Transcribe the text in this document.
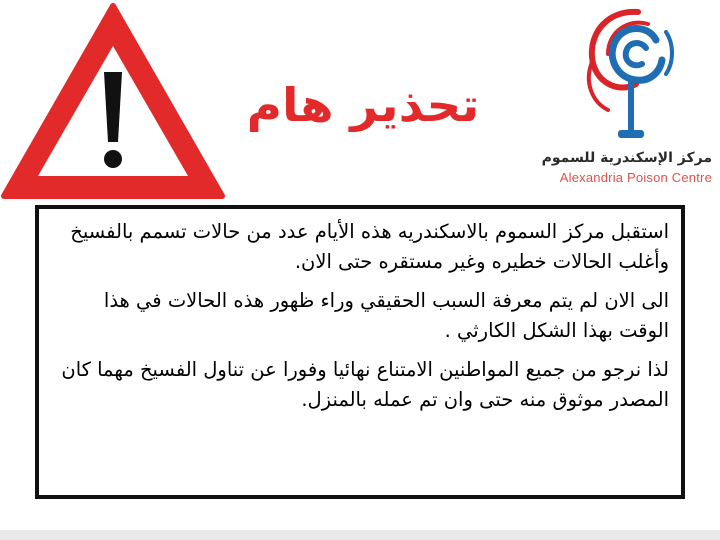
تحذير هام
مركز الإسكندرية للسموم
Alexandria Poison Centre

استقبل مركز السموم بالاسكندريه هذه الأيام عدد من حالات تسمم بالفسيخ وأغلب الحالات خطيره وغير مستقره حتى الان.

الى الان لم يتم معرفة السبب الحقيقي وراء ظهور هذه الحالات في هذا الوقت بهذا الشكل الكارثي .

لذا نرجو من جميع المواطنين الامتناع نهائيا وفورا عن تناول الفسيخ مهما كان المصدر موثوق منه حتى وان تم عمله بالمنزل.
